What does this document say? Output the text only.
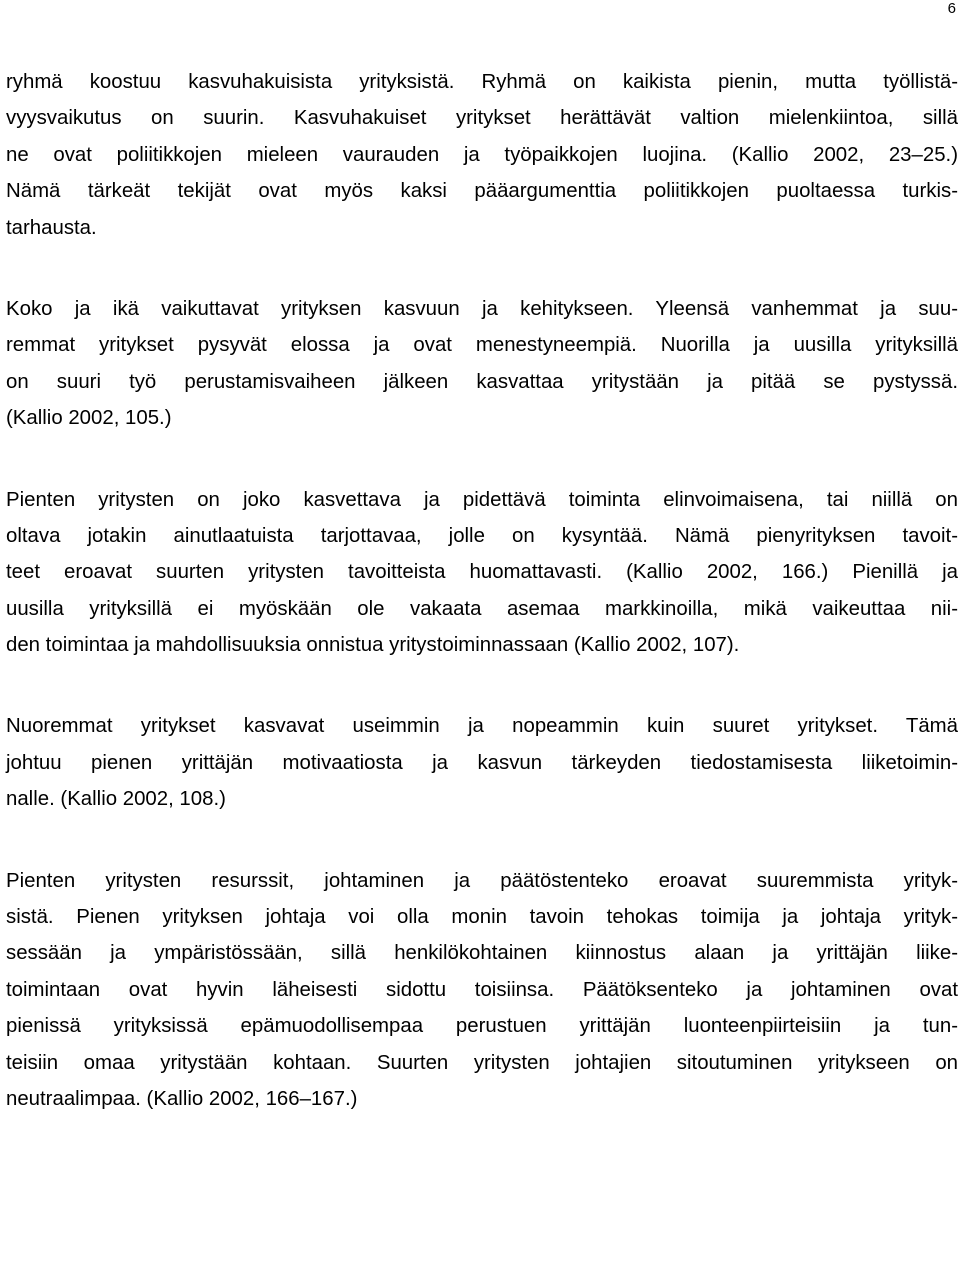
6
ryhmä koostuu kasvuhakuisista yrityksistä. Ryhmä on kaikista pienin, mutta työllistä-
vyysvaikutus on suurin. Kasvuhakuiset yritykset herättävät valtion mielenkiintoa, sillä
ne ovat poliitikkojen mieleen vaurauden ja työpaikkojen luojina. (Kallio 2002, 23–25.)
Nämä tärkeät tekijät ovat myös kaksi pääargumenttia poliitikkojen puoltaessa turkis-
tarhausta.
Koko ja ikä vaikuttavat yrityksen kasvuun ja kehitykseen. Yleensä vanhemmat ja suu-
remmat yritykset pysyvät elossa ja ovat menestyneempiä. Nuorilla ja uusilla yrityksillä
on suuri työ perustamisvaiheen jälkeen kasvattaa yritystään ja pitää se pystyssä.
(Kallio 2002, 105.)
Pienten yritysten on joko kasvettava ja pidettävä toiminta elinvoimaisena, tai niillä on
oltava jotakin ainutlaatuista tarjottavaa, jolle on kysyntää. Nämä pienyrityksen tavoit-
teet eroavat suurten yritysten tavoitteista huomattavasti. (Kallio 2002, 166.) Pienillä ja
uusilla yrityksillä ei myöskään ole vakaata asemaa markkinoilla, mikä vaikeuttaa nii-
den toimintaa ja mahdollisuuksia onnistua yritystoiminnassaan (Kallio 2002, 107).
Nuoremmat yritykset kasvavat useimmin ja nopeammin kuin suuret yritykset. Tämä
johtuu pienen yrittäjän motivaatiosta ja kasvun tärkeyden tiedostamisesta liiketoimin-
nalle. (Kallio 2002, 108.)
Pienten yritysten resurssit, johtaminen ja päätöstenteko eroavat suuremmista yrityk-
sistä. Pienen yrityksen johtaja voi olla monin tavoin tehokas toimija ja johtaja yrityk-
sessään ja ympäristössään, sillä henkilökohtainen kiinnostus alaan ja yrittäjän liike-
toimintaan ovat hyvin läheisesti sidottu toisiinsa. Päätöksenteko ja johtaminen ovat
pienissä yrityksissä epämuodollisempaa perustuen yrittäjän luonteenpiirteisiin ja tun-
teisiin omaa yritystään kohtaan. Suurten yritysten johtajien sitoutuminen yritykseen on
neutraalimpaa. (Kallio 2002, 166–167.)
